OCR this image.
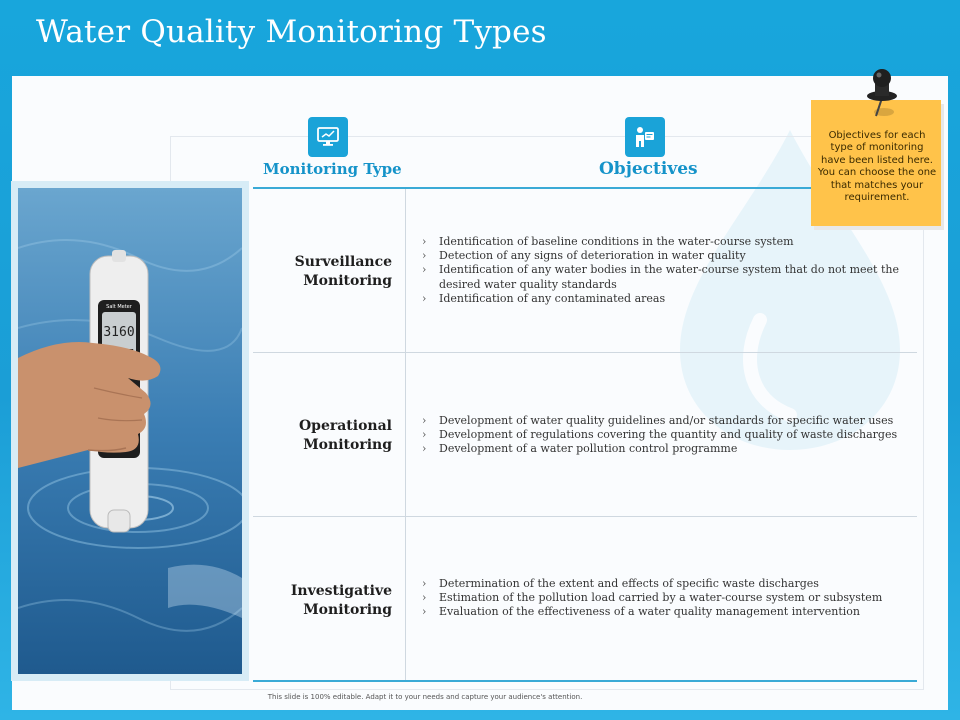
Water Quality Monitoring Types
Salt Meter
3160
Monitoring Type	Objectives
Surveillance
Monitoring
› Identification of baseline conditions in the water-course system
› Detection of any signs of deterioration in water quality
› Identification of any water bodies in the water-course system that do not meet the desired water quality standards
› Identification of any contaminated areas
Operational
Monitoring
› Development of water quality guidelines and/or standards for specific water uses
› Development of regulations covering the quantity and quality of waste discharges
› Development of a water pollution control programme
Investigative
Monitoring
› Determination of the extent and effects of specific waste discharges
› Estimation of the pollution load carried by a water-course system or subsystem
› Evaluation of the effectiveness of a water quality management intervention
Objectives for each type of monitoring have been listed here. You can choose the one that matches your requirement.
This slide is 100% editable. Adapt it to your needs and capture your audience's attention.
